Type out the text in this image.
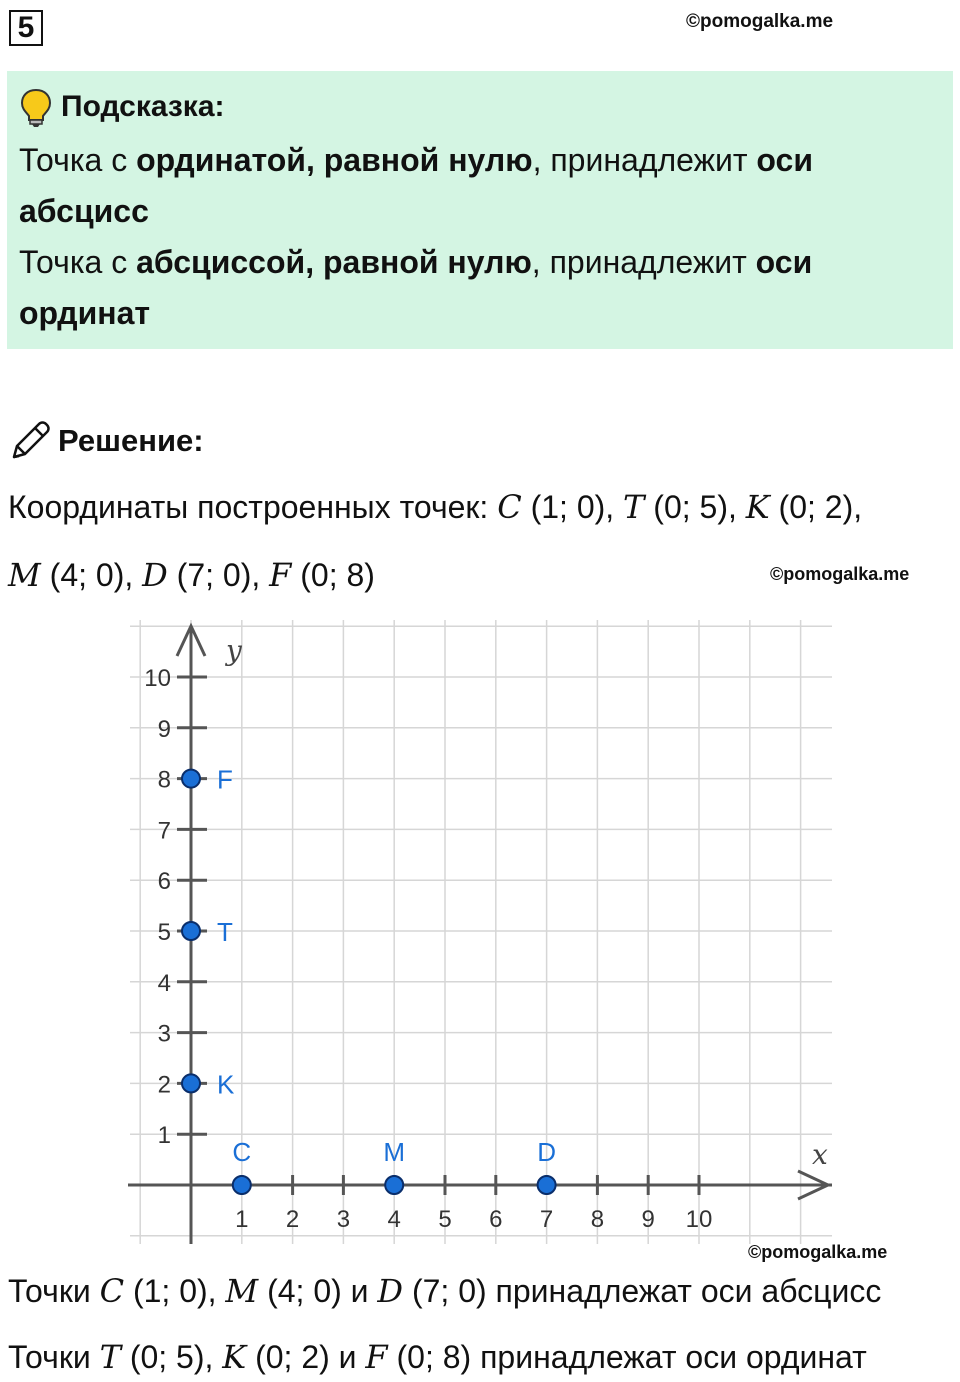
5	©pomogalka.me
Подсказка:
Точка с ординатой, равной нулю, принадлежит оси абсцисс
Точка с абсциссой, равной нулю, принадлежит оси ординат
Решение:
Координаты построенных точек: C (1; 0), T (0; 5), K (0; 2),
M (4; 0), D (7; 0), F (0; 8)	©pomogalka.me
x
y
1 2 3 4 5 6 7 8 9 10
1
2
3
4
5
6
7
8
9
10
C	M	D
K
T
F
©pomogalka.me
Точки C (1; 0), M (4; 0) и D (7; 0) принадлежат оси абсцисс
Точки T (0; 5), K (0; 2) и F (0; 8) принадлежат оси ординат
